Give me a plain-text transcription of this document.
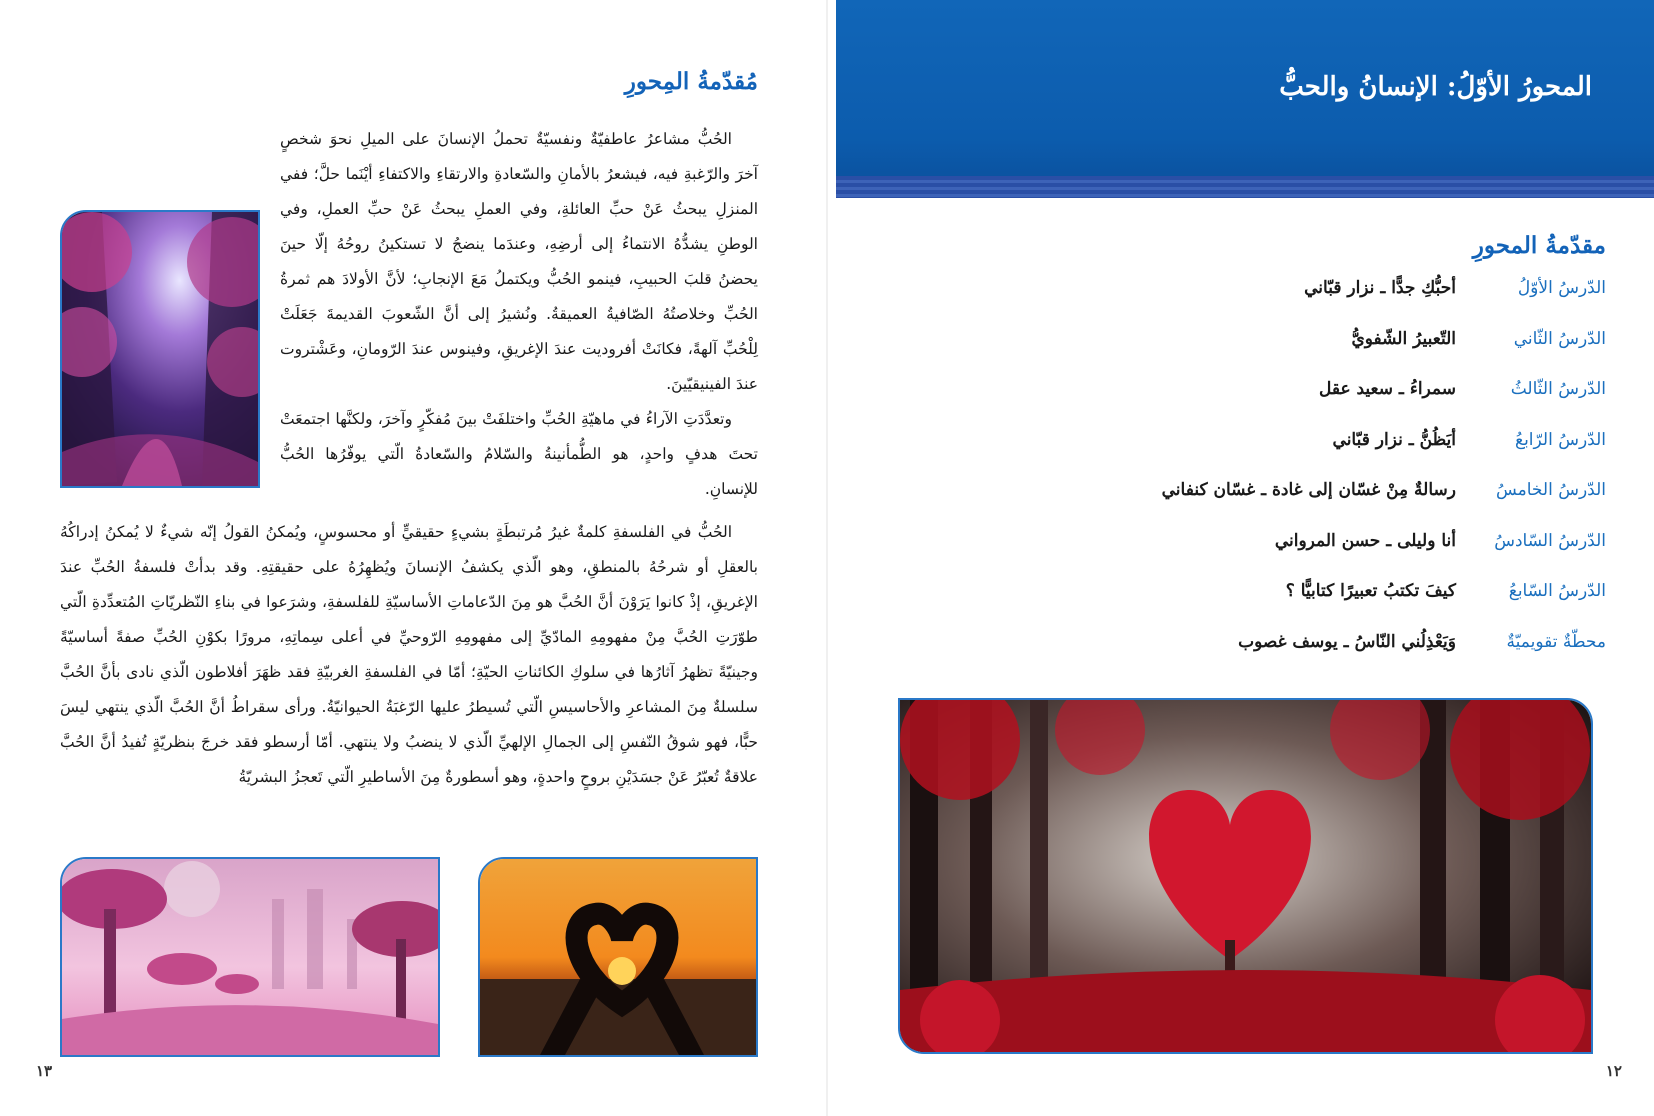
مُقدّمةُ المِحورِ

الحُبُّ مشاعرُ عاطفيّةٌ ونفسيّةٌ تحملُ الإنسانَ على الميلِ نحوَ شخصٍ آخرَ والرّغبةِ فيه، فيشعرُ بالأمانِ والسّعادةِ والارتقاءِ والاكتفاءِ أيْنَما حلَّ؛ ففي المنزلِ يبحثُ عَنْ حبِّ العائلةِ، وفي العملِ يبحثُ عَنْ حبِّ العملِ، وفي الوطنِ يشدُّهُ الانتماءُ إلى أرضِهِ، وعندَما ينضجُ لا تستكينُ روحُهُ إلّا حينَ يحضنُ قلبَ الحبيبِ، فينمو الحُبُّ ويكتملُ مَعَ الإنجابِ؛ لأنَّ الأولادَ هم ثمرةُ الحُبِّ وخلاصتُهُ الصّافيةُ العميقةُ. ونُشيرُ إلى أنَّ الشّعوبَ القديمةَ جَعَلَتْ لِلْحُبِّ آلهةً، فكانَتْ أفروديت عندَ الإغريقِ، وفينوس عندَ الرّومانِ، وعَشْتروت عندَ الفينيقيّينَ.

وتعدَّدَتِ الآراءُ في ماهيّةِ الحُبِّ واختلفَتْ بينَ مُفكّرٍ وآخرَ، ولكنَّها اجتمعَتْ تحتَ هدفٍ واحدٍ، هو الطُّمأنينةُ والسّلامُ والسّعادةُ الّتي يوفّرُها الحُبُّ للإنسانِ.

الحُبُّ في الفلسفةِ كلمةٌ غيرُ مُرتبطَةٍ بشيءٍ حقيقيٍّ أو محسوسٍ، ويُمكنُ القولُ إنّه شيءٌ لا يُمكنُ إدراكُهُ بالعقلِ أو شرحُهُ بالمنطقِ، وهو الّذي يكشفُ الإنسانَ ويُظهِرُهُ على حقيقتِهِ. وقد بدأتْ فلسفةُ الحُبِّ عندَ الإغريقِ، إذْ كانوا يَرَوْنَ أنَّ الحُبَّ هو مِنَ الدّعاماتِ الأساسيّةِ للفلسفةِ، وشرَعوا في بناءِ النّظريّاتِ المُتعدِّدةِ الّتي طوّرَتِ الحُبَّ مِنْ مفهومِهِ المادّيِّ إلى مفهومِهِ الرّوحيِّ في أعلى سِماتِهِ، مرورًا بكوْنِ الحُبِّ صفةً أساسيّةً وجينيّةً تظهرُ آثارُها في سلوكِ الكائناتِ الحيّةِ؛ أمّا في الفلسفةِ الغربيّةِ فقد ظهَرَ أفلاطون الّذي نادى بأنَّ الحُبَّ سلسلةٌ مِنَ المشاعرِ والأحاسيسِ الّتي تُسيطرُ عليها الرّغبَةُ الحيوانيّةُ. ورأى سقراطُ أنَّ الحُبَّ الّذي ينتهي ليسَ حبًّا، فهو شوقُ النّفسِ إلى الجمالِ الإلهيِّ الّذي لا ينضبُ ولا ينتهي. أمّا أرسطو فقد خرجَ بنظريّةٍ تُفيدُ أنَّ الحُبَّ علاقةٌ تُعبّرُ عَنْ جسَدَيْنِ بروحٍ واحدةٍ، وهو أسطورةٌ مِنَ الأساطيرِ الّتي تَعجزُ البشريّةُ

١٣
المحورُ الأوّلُ: الإنسانُ والحبُّ
مقدّمةُ المحورِ
الدّرسُ الأوّلُ
أحبُّكِ جدًّا ـ نزار قبّاني
الدّرسُ الثّاني
التّعبيرُ الشّفويُّ
الدّرسُ الثّالثُ
سمراءُ ـ سعيد عقل
الدّرسُ الرّابعُ
أيَظُنُّ ـ نزار قبّاني
الدّرسُ الخامسُ
رسالةٌ مِنْ غسّان إلى غادة ـ غسّان كنفاني
الدّرسُ السّادسُ
أنا وليلى ـ حسن المرواني
الدّرسُ السّابعُ
كيفَ تكتبُ تعبيرًا كتابيًّا ؟
محطّةٌ تقويميّةٌ
وَيَعْذِلُني النّاسُ ـ يوسف غصوب
١٢
